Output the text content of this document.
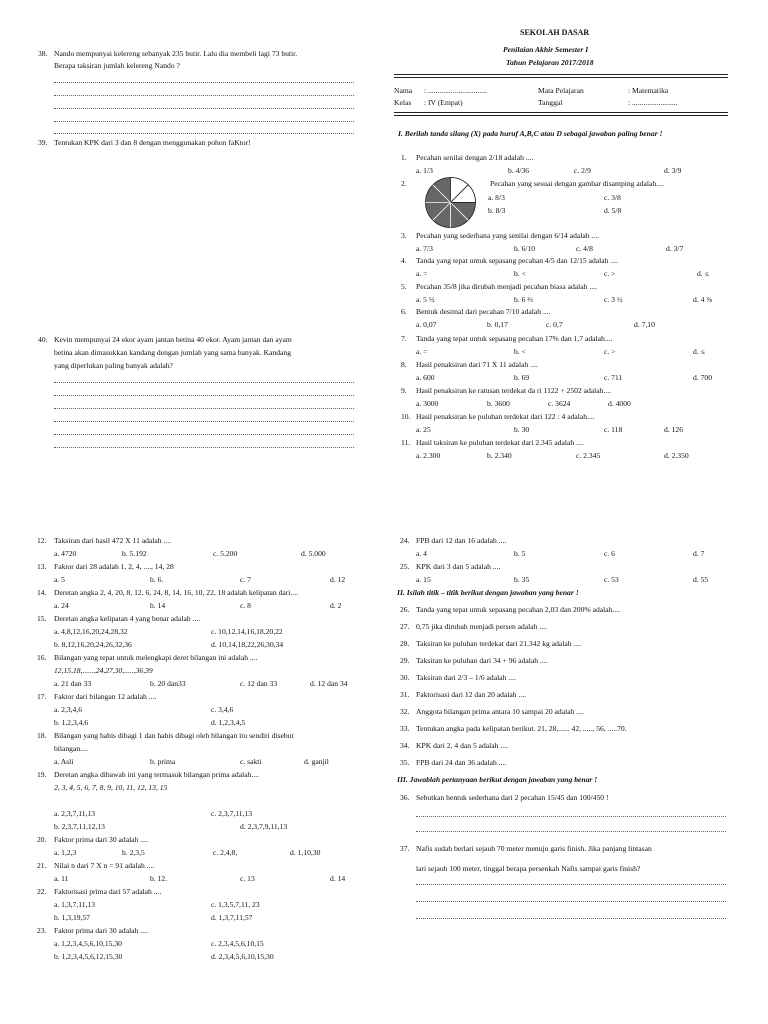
38. Nando mempunyai kelereng sebanyak 235 butir. Lalu dia membeli lagi 73 butir.
Berapa taksiran jumlah kelereng Nando ?
39. Tentukan KPK dari 3 dan 8 dengan menggunakan pohon faKtor!
40. Kevin mempunyai 24 ekor ayam jantan betina 40 ekor. Ayam jantan dan ayam
betina akan dimasukkan kandang dengan jumlah yang sama banyak. Kandang
yang diperlukan paling banyak adalah?
SEKOLAH DASAR
Penilaian Akhir Semester I
Tahun Pelajaran 2017/2018
Nama : ...............................	Mata Pelajaran	: Matematika
Kelas : IV (Empat)	Tanggal	: ........................
I. Berilah tanda silang (X) pada huruf A,B,C atau D sebagai jawaban paling benar !
1. Pecahan senilai dengan 2/18 adalah ....
a. 1/3	b. 4/36	c. 2/9	d. 3/9
2.	Pecahan yang sesuai dengan gambar disamping adalah....
a. 8/3	c. 3/8
b. 8/3	d. 5/8
3. Pecahan yang sederhana yang senilai dengan 6/14 adalah ....
a. 7/3	b. 6/10	c. 4/8	d. 3/7
4. Tanda yang tepat untuk sepasang pecahan 4/5 dan 12/15 adalah ....
a. =	b. <	c. >	d. ≤
5. Pecahan 35/8 jika dirubah menjadi pecahan biasa adalah ....
a. 5 ½	b. 6 ⅔	c. 3 ½	d. 4 ⅜
6. Bentuk desimal dari pecahan 7/10 adalah ....
a. 0,07	b. 0,17	c. 0,7	d. 7,10
7. Tanda yang tepat untuk sepasang pecahan 17% dan 1,7 adalah....
a. =	b. <	c. >	d. ≤
8. Hasil penaksiran dari 71 X 11 adalah ....
a. 600	b. 69	c. 711	d. 700
9. Hasil penaksiran ke ratusan terdekat da ri 1122 + 2502 adalah....
a. 3000	b. 3600	c. 3624	d. 4000
10. Hasil penaksiran ke puluhan terdekat dari 122 : 4 adalah....
a. 25	b. 30	c. 118	d. 126
11. Hasil taksiran ke puluhan terdekat dari 2.345 adalah ....
a. 2.300	b. 2.340	c. 2.345	d. 2.350
12. Taksiran dari hasil 472 X 11 adalah ....
a. 4720	b. 5.192	c. 5.200	d. 5.000
13. Faktor dari 28 adalah 1, 2, 4, ...., 14, 28
a. 5	b. 6.	c. 7	d. 12
14. Deretan angka 2, 4, 20, 8, 12, 6, 24, 8, 14, 16, 10, 22, 18 adalah kelipatan dari....
a. 24	b. 14	c. 8	d. 2
15. Deretan angka kelipatan 4 yang benar adalah ....
a. 4,8,12,16,20,24,28,32	c. 10,12,14,16,18,20,22
b. 8,12,16,20,24,26,32,36	d. 10,14,18,22,26,30,34
16. Bilangan yang tepat untuk melengkapi deret bilangan ini adalah ....
12,15,18,......,24,27,30,.....,36,39
a. 21 dan 33	b. 20 dan33	c. 12 dan 33	d. 12 dan 34
17. Faktor dari bilangan 12 adalah ....
a. 2,3,4,6	c. 3,4,6
b. 1,2,3,4,6	d. 1,2,3,4,5
18. Bilangan yang habis dibagi 1 dan habis dibagi oleh bilangan itu sendiri disebut
bilangan....
a. Asli	b. prima	c. sakti	d. ganjil
19. Deretan angka dibawah ini yang termasuk bilangan prima adalah....
2, 3, 4, 5, 6, 7, 8, 9, 10, 11, 12, 13, 15
a. 2,3,7,11,13	c. 2,3,7,11,13
b. 2,3,7,11,12,13	d. 2,3,7,9,11,13
20. Faktor prima dari 30 adalah ....
a. 1,2,3	b. 2,3,5	c. 2,4,8,	d. 1,10,30
21. Nilai n dari 7 X n = 91 adalah ....
a. 11	b. 12.	c. 13	d. 14
22. Faktorisasi prima dari 57 adalah ....
a. 1,3,7,11,13	c. 1,3,5,7,11, 23
b. 1,3,19,57	d. 1,3,7,11,57
23. Faktor prima dari 30 adalah ....
a. 1,2,3,4,5,6,10,15,30	c. 2,3,4,5,6,10,15
b. 1,2,3,4,5,6,12,15,30	d. 2,3,4,5,6,10,15,30
24. FPB dari 12 dan 16 adalah ....
a. 4	b. 5	c. 6	d. 7
25. KPK dari 3 dan 5 adalah ....
a. 15	b. 35	c. 53	d. 55
II. Isilah titik – titik berikut dengan jawaban yang benar !
26. Tanda yang tepat untuk sepasang pecahan 2,03 dan 200% adalah....
27. 0,75 jika dirubah menjadi persen adalah ....
28. Taksiran ke puluhan terdekat dari 21.342 kg adalah ....
29. Taksiran ke puluhan dari 34 + 96 adalah ....
30. Taksiran dari 2/3 – 1/6 adalah ....
31. Faktorisasi dari 12 dan 20 adalah ....
32. Anggota bilangan prima antara 10 sampai 20 adalah ....
33. Tentukan angka pada kelipatan berikut. 21, 28,...... 42, ....., 56, .....70.
34. KPK dari 2, 4 dan 5 adalah ....
35. FPB dari 24 dan 36 adalah ....
III. Jawablah pertanyaan berikut dengan jawaban yang benar !
36. Sebutkan bentuk sederhana dari 2 pecahan 15/45 dan 100/450 !
37. Nafis sudah berlari sejauh 70 meter menuju garis finish. Jika panjang lintasan
lari sejauh 100 meter, tinggal berapa persenkah Nafis sampai garis finish?
